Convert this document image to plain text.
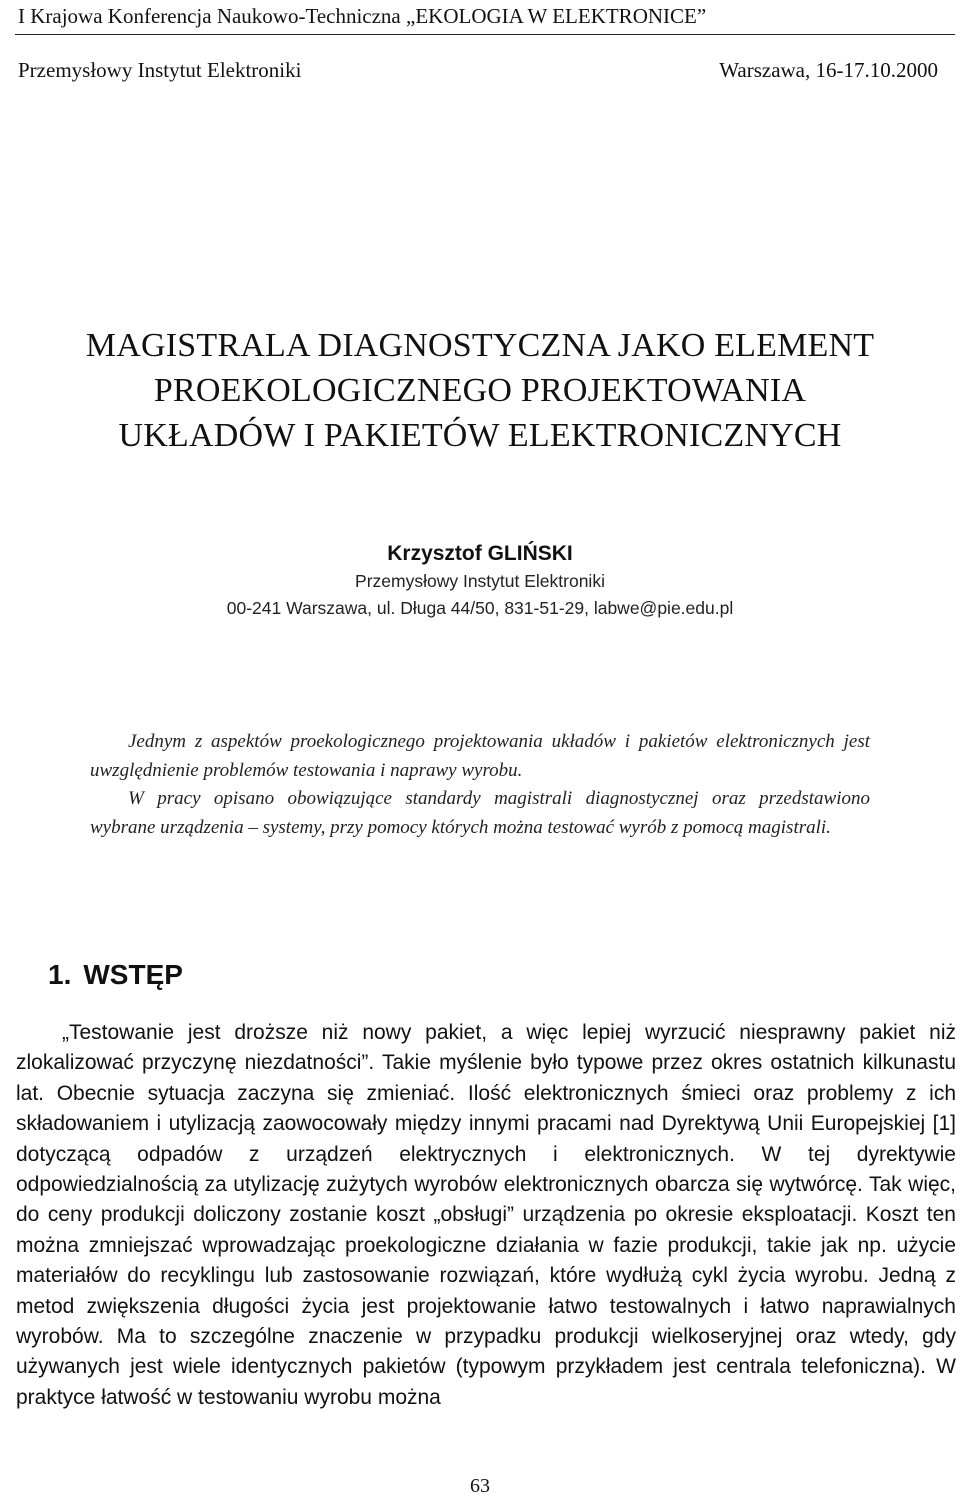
I Krajowa Konferencja Naukowo-Techniczna „EKOLOGIA W ELEKTRONICE”
Przemysłowy Instytut Elektroniki	Warszawa, 16-17.10.2000
MAGISTRALA DIAGNOSTYCZNA JAKO ELEMENT
PROEKOLOGICZNEGO PROJEKTOWANIA
UKŁADÓW I PAKIETÓW ELEKTRONICZNYCH
Krzysztof GLIŃSKI
Przemysłowy Instytut Elektroniki
00-241 Warszawa, ul. Długa 44/50, 831-51-29, labwe@pie.edu.pl

Jednym z aspektów proekologicznego projektowania układów i pakietów elektronicznych jest uwzględnienie problemów testowania i naprawy wyrobu.

W pracy opisano obowiązujące standardy magistrali diagnostycznej oraz przedstawiono wybrane urządzenia – systemy, przy pomocy których można testować wyrób z pomocą magistrali.

1. WSTĘP
„Testowanie jest droższe niż nowy pakiet, a więc lepiej wyrzucić niesprawny pakiet niż zlokalizować przyczynę niezdatności”. Takie myślenie było typowe przez okres ostatnich kilkunastu lat. Obecnie sytuacja zaczyna się zmieniać. Ilość elektronicznych śmieci oraz problemy z ich składowaniem i utylizacją zaowocowały między innymi pracami nad Dyrektywą Unii Europejskiej [1] dotyczącą odpadów z urządzeń elektrycznych i elektronicznych. W tej dyrektywie odpowiedzialnością za utylizację zużytych wyrobów elektronicznych obarcza się wytwórcę. Tak więc, do ceny produkcji doliczony zostanie koszt „obsługi” urządzenia po okresie eksploatacji. Koszt ten można zmniejszać wprowadzając proekologiczne działania w fazie produkcji, takie jak np. użycie materiałów do recyklingu lub zastosowanie rozwiązań, które wydłużą cykl życia wyrobu. Jedną z metod zwiększenia długości życia jest projektowanie łatwo testowalnych i łatwo naprawialnych wyrobów. Ma to szczególne znaczenie w przypadku produkcji wielkoseryjnej oraz wtedy, gdy używanych jest wiele identycznych pakietów (typowym przykładem jest centrala telefoniczna). W praktyce łatwość w testowaniu wyrobu można
63
